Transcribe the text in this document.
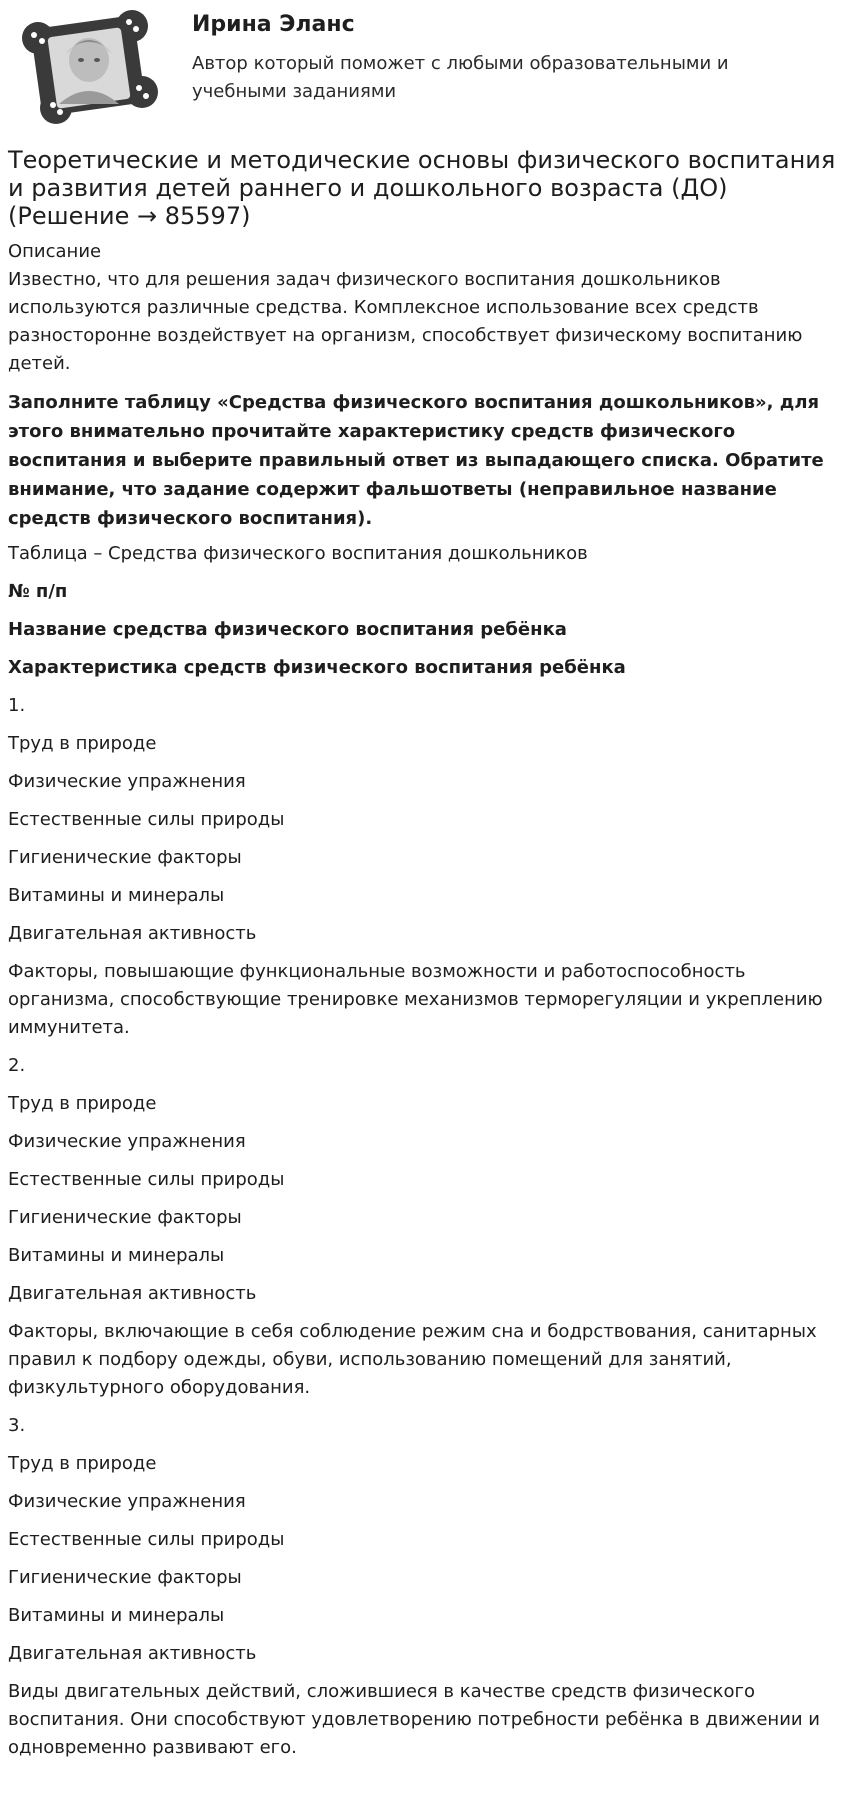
Ирина Эланс
Автор который поможет с любыми образовательными и учебными заданиями
Теоретические и методические основы физического воспитания и развития детей раннего и дошкольного возраста (ДО) (Решение → 85597)
Описание
Известно, что для решения задач физического воспитания дошкольников используются различные средства. Комплексное использование всех средств разносторонне воздействует на организм, способствует физическому воспитанию детей.
Заполните таблицу «Средства физического воспитания дошкольников», для этого внимательно прочитайте характеристику средств физического воспитания и выберите правильный ответ из выпадающего списка. Обратите внимание, что задание содержит фальшответы (неправильное название средств физического воспитания).
Таблица – Средства физического воспитания дошкольников
№ п/п
Название средства физического воспитания ребёнка
Характеристика средств физического воспитания ребёнка
1.
Труд в природе
Физические упражнения
Естественные силы природы
Гигиенические факторы
Витамины и минералы
Двигательная активность
Факторы, повышающие функциональные возможности и работоспособность организма, способствующие тренировке механизмов терморегуляции и укреплению иммунитета.
2.
Труд в природе
Физические упражнения
Естественные силы природы
Гигиенические факторы
Витамины и минералы
Двигательная активность
Факторы, включающие в себя соблюдение режим сна и бодрствования, санитарных правил к подбору одежды, обуви, использованию помещений для занятий, физкультурного оборудования.
3.
Труд в природе
Физические упражнения
Естественные силы природы
Гигиенические факторы
Витамины и минералы
Двигательная активность
Виды двигательных действий, сложившиеся в качестве средств физического воспитания. Они способствуют удовлетворению потребности ребёнка в движении и одновременно развивают его.
